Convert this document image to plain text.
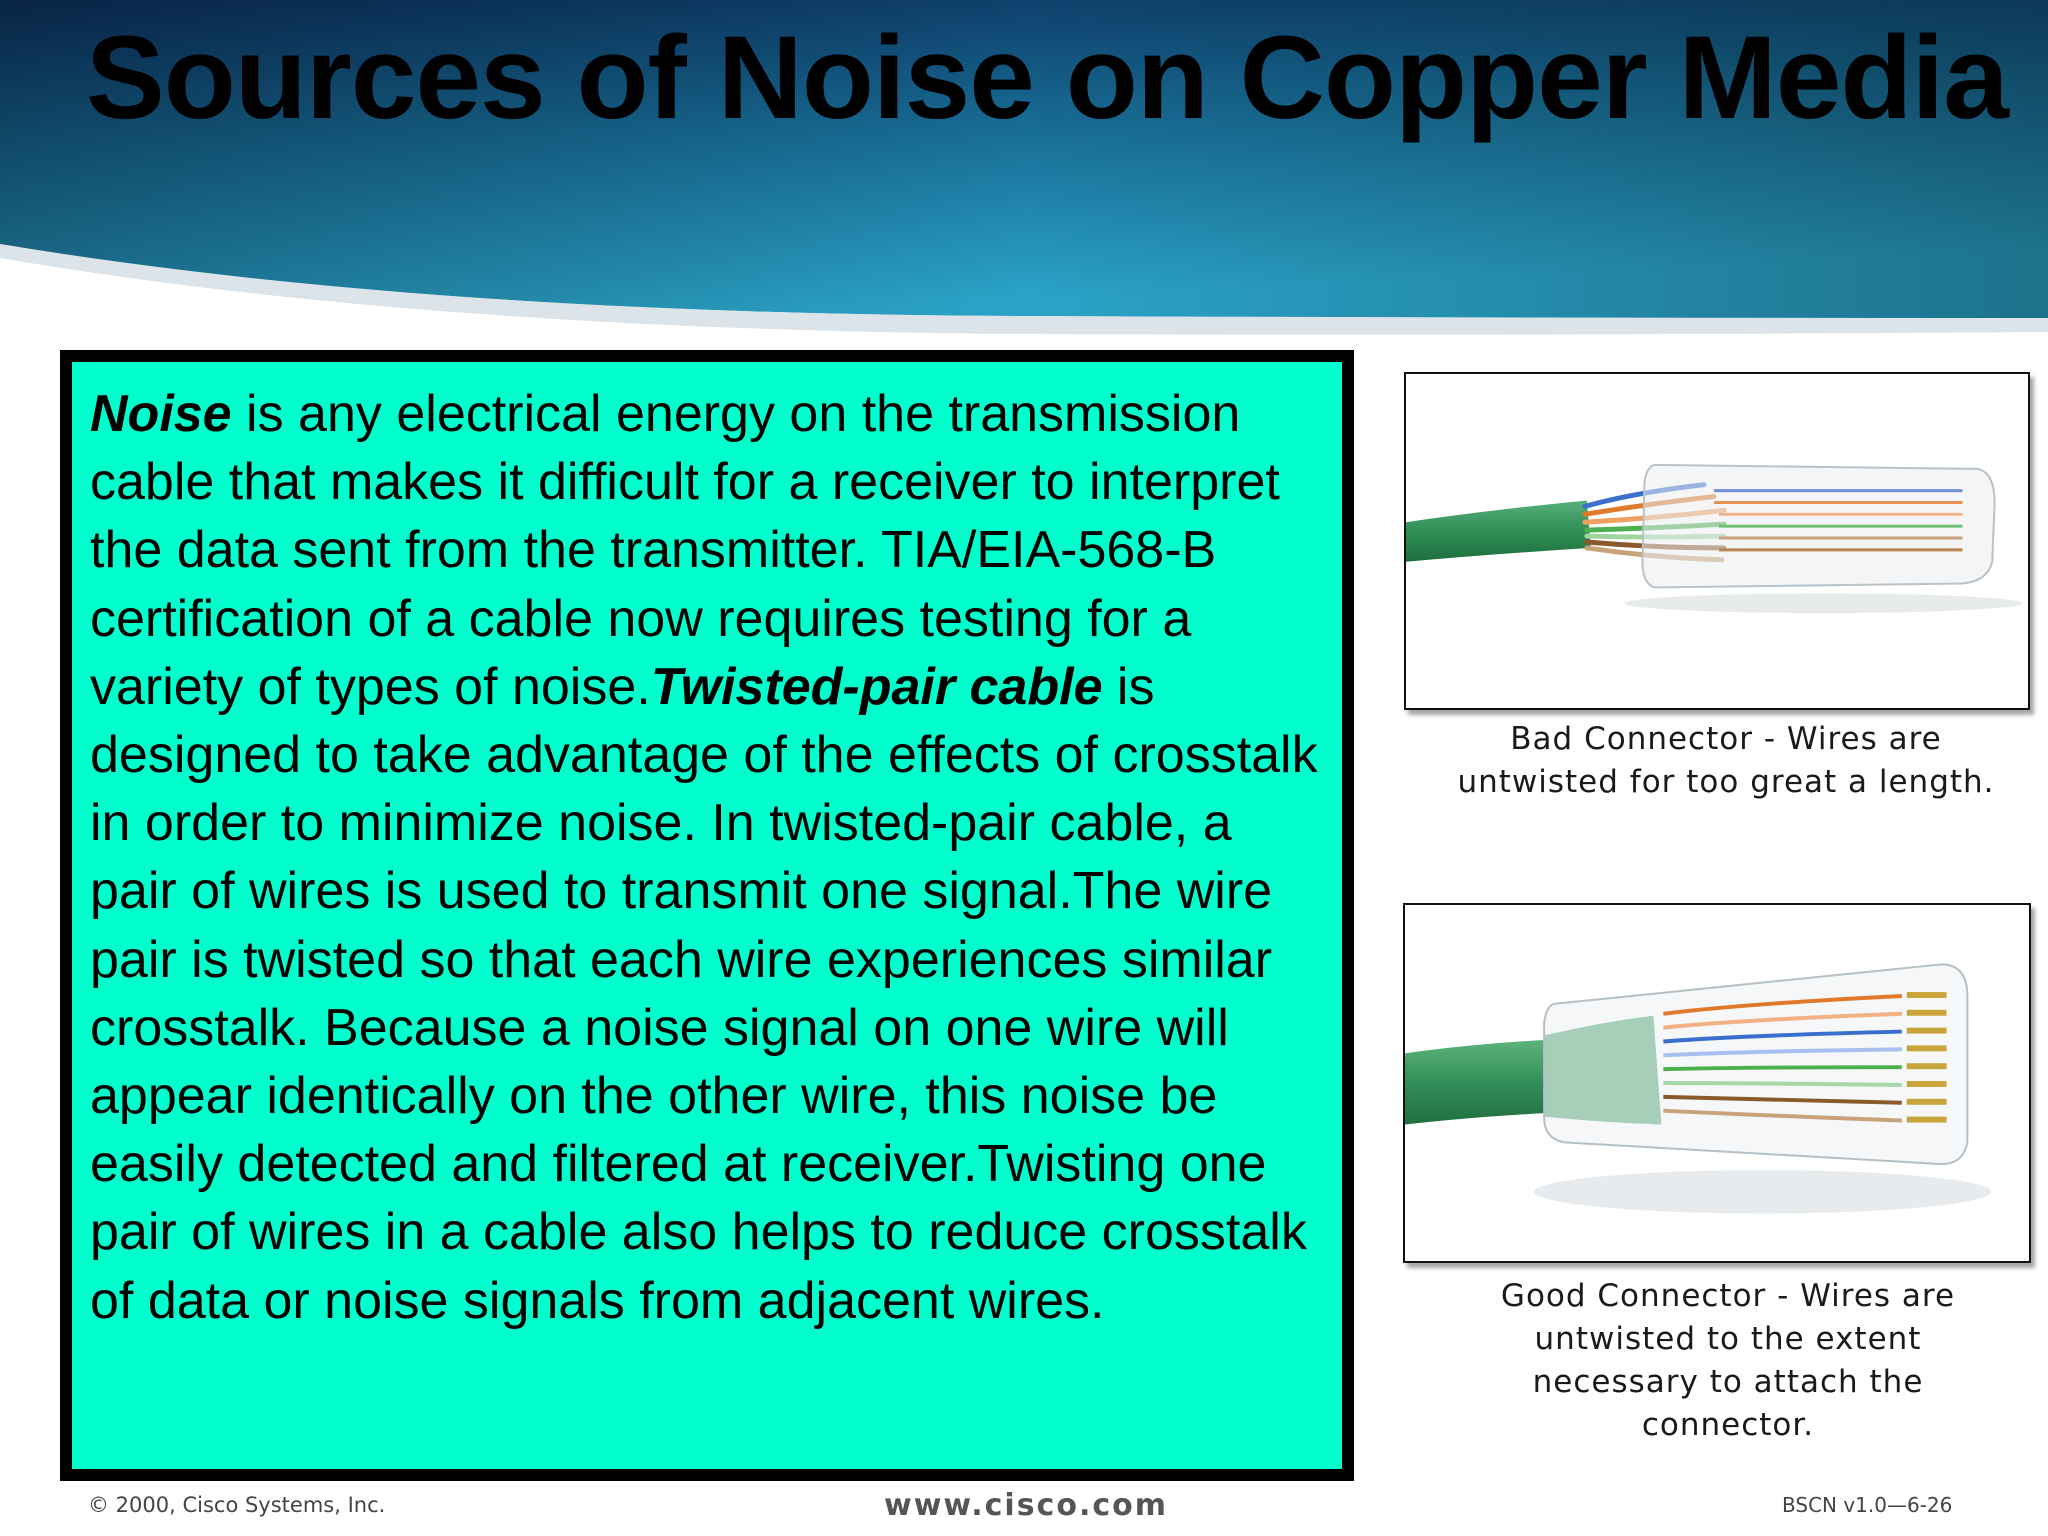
Sources of Noise on Copper Media

Noise is any electrical energy on the transmission cable that makes it difficult for a receiver to interpret the data sent from the transmitter. TIA/EIA-568-B certification of a cable now requires testing for a variety of types of noise.Twisted-pair cable is designed to take advantage of the effects of crosstalk in order to minimize noise. In twisted-pair cable, a pair of wires is used to transmit one signal.The wire pair is twisted so that each wire experiences similar crosstalk. Because a noise signal on one wire will appear identically on the other wire, this noise be easily detected and filtered at receiver.Twisting one pair of wires in a cable also helps to reduce crosstalk of data or noise signals from adjacent wires.

Bad Connector - Wires are
untwisted for too great a length.
Good Connector - Wires are
untwisted to the extent
necessary to attach the
connector.
© 2000, Cisco Systems, Inc.	www.cisco.com	BSCN v1.0—6-26
